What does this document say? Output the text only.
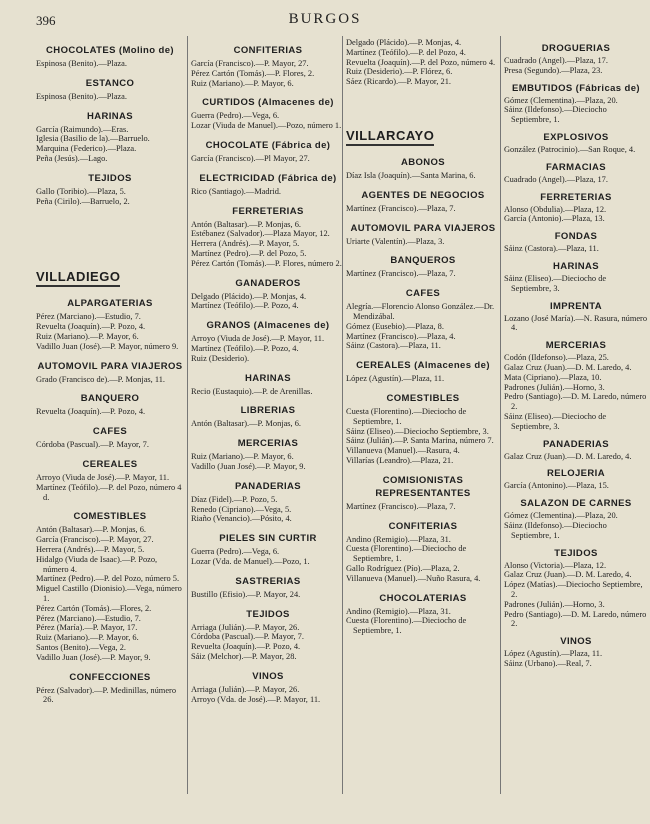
396	BURGOS
CHOCOLATES (Molino de)
Espinosa (Benito).—Plaza.
ESTANCO
Espinosa (Benito).—Plaza.
HARINAS
García (Raimundo).—Eras.
Iglesia (Basilio de la).—Barruelo.
Marquina (Federico).—Plaza.
Peña (Jesús).—Lago.
TEJIDOS
Gallo (Toribio).—Plaza, 5.
Peña (Cirilo).—Barruelo, 2.
VILLADIEGO
ALPARGATERIAS
Pérez (Marciano).—Estudio, 7.
Revuelta (Joaquín).—P. Pozo, 4.
Ruiz (Mariano).—P. Mayor, 6.
Vadillo Juan (José).—P. Mayor, número 9.
AUTOMOVIL PARA VIAJEROS
Grado (Francisco de).—P. Monjas, 11.
BANQUERO
Revuelta (Joaquín).—P. Pozo, 4.
CAFES
Córdoba (Pascual).—P. Mayor, 7.
CEREALES
Arroyo (Viuda de José).—P. Mayor, 11.
Martínez (Teófilo).—P. del Pozo, número 4 d.
COMESTIBLES
Antón (Baltasar).—P. Monjas, 6.
García (Francisco).—P. Mayor, 27.
Herrera (Andrés).—P. Mayor, 5.
Hidalgo (Viuda de Isaac).—P. Pozo, número 4.
Martínez (Pedro).—P. del Pozo, número 5.
Miguel Castillo (Dionisio).—Vega, número 1.
Pérez Cartón (Tomás).—Flores, 2.
Pérez (Marciano).—Estudio, 7.
Pérez (María).—P. Mayor, 17.
Ruiz (Mariano).—P. Mayor, 6.
Santos (Benito).—Vega, 2.
Vadillo Juan (José).—P. Mayor, 9.
CONFECCIONES
Pérez (Salvador).—P. Medinillas, número 26.
CONFITERIAS
García (Francisco).—P. Mayor, 27.
Pérez Cartón (Tomás).—P. Flores, 2.
Ruiz (Mariano).—P. Mayor, 6.
CURTIDOS (Almacenes de)
Guerra (Pedro).—Vega, 6.
Lozar (Viuda de Manuel).—Pozo, número 1.
CHOCOLATE (Fábrica de)
García (Francisco).—Pl Mayor, 27.
ELECTRICIDAD (Fábrica de)
Rico (Santiago).—Madrid.
FERRETERIAS
Antón (Baltasar).—P. Monjas, 6.
Estébanez (Salvador).—Plaza Mayor, 12.
Herrera (Andrés).—P. Mayor, 5.
Martínez (Pedro).—P. del Pozo, 5.
Pérez Cartón (Tomás).—P. Flores, número 2.
GANADEROS
Delgado (Plácido).—P. Monjas, 4.
Martínez (Teófilo).—P. Pozo, 4.
GRANOS (Almacenes de)
Arroyo (Viuda de José).—P. Mayor, 11.
Martínez (Teófilo).—P. Pozo, 4.
Ruiz (Desiderio).
HARINAS
Recio (Eustaquio).—P. de Arenillas.
LIBRERIAS
Antón (Baltasar).—P. Monjas, 6.
MERCERIAS
Ruiz (Mariano).—P. Mayor, 6.
Vadillo (Juan José).—P. Mayor, 9.
PANADERIAS
Díaz (Fidel).—P. Pozo, 5.
Renedo (Cipriano).—Vega, 5.
Riaño (Venancio).—Pósito, 4.
PIELES SIN CURTIR
Guerra (Pedro).—Vega, 6.
Lozar (Vda. de Manuel).—Pozo, 1.
SASTRERIAS
Bustillo (Efisio).—P. Mayor, 24.
TEJIDOS
Arriaga (Julián).—P. Mayor, 26.
Córdoba (Pascual).—P. Mayor, 7.
Revuelta (Joaquín).—P. Pozo, 4.
Sáiz (Melchor).—P. Mayor, 28.
VINOS
Arriaga (Julián).—P. Mayor, 26.
Arroyo (Vda. de José).—P. Mayor, 11.
Delgado (Plácido).—P. Monjas, 4.
Martínez (Teófilo).—P. del Pozo, 4.
Revuelta (Joaquín).—P. del Pozo, número 4.
Ruiz (Desiderio).—P. Flórez, 6.
Sáez (Ricardo).—P. Mayor, 21.
VILLARCAYO
ABONOS
Díaz Isla (Joaquín).—Santa Marina, 6.
AGENTES DE NEGOCIOS
Martínez (Francisco).—Plaza, 7.
AUTOMOVIL PARA VIAJEROS
Uriarte (Valentín).—Plaza, 3.
BANQUEROS
Martínez (Francisco).—Plaza, 7.
CAFES
Alegría.—Florencio Alonso González.—Dr. Mendizábal.
Gómez (Eusebio).—Plaza, 8.
Martínez (Francisco).—Plaza, 4.
Sáinz (Castora).—Plaza, 11.
CEREALES (Almacenes de)
López (Agustín).—Plaza, 11.
COMESTIBLES
Cuesta (Florentino).—Dieciocho de Septiembre, 1.
Sáinz (Eliseo).—Dieciocho Septiembre, 3.
Sáinz (Julián).—P. Santa Marina, número 7.
Villanueva (Manuel).—Rasura, 4.
Villarías (Leandro).—Plaza, 21.
COMISIONISTAS REPRESENTANTES
Martínez (Francisco).—Plaza, 7.
CONFITERIAS
Andino (Remigio).—Plaza, 31.
Cuesta (Florentino).—Dieciocho de Septiembre, 1.
Gallo Rodríguez (Pío).—Plaza, 2.
Villanueva (Manuel).—Nuño Rasura, 4.
CHOCOLATERIAS
Andino (Remigio).—Plaza, 31.
Cuesta (Florentino).—Dieciocho de Septiembre, 1.
DROGUERIAS
Cuadrado (Angel).—Plaza, 17.
Presa (Segundo).—Plaza, 23.
EMBUTIDOS (Fábricas de)
Gómez (Clementina).—Plaza, 20.
Sáinz (Ildefonso).—Dieciocho Septiembre, 1.
EXPLOSIVOS
González (Patrocinio).—San Roque, 4.
FARMACIAS
Cuadrado (Angel).—Plaza, 17.
FERRETERIAS
Alonso (Obdulia).—Plaza, 12.
García (Antonio).—Plaza, 13.
FONDAS
Sáinz (Castora).—Plaza, 11.
HARINAS
Sáinz (Eliseo).—Dieciocho de Septiembre, 3.
IMPRENTA
Lozano (José María).—N. Rasura, número 4.
MERCERIAS
Codón (Ildefonso).—Plaza, 25.
Galaz Cruz (Juan).—D. M. Laredo, 4.
Mata (Cipriano).—Plaza, 10.
Padrones (Julián).—Horno, 3.
Pedro (Santiago).—D. M. Laredo, número 2.
Sáinz (Eliseo).—Dieciocho de Septiembre, 3.
PANADERIAS
Galaz Cruz (Juan).—D. M. Laredo, 4.
RELOJERIA
García (Antonino).—Plaza, 15.
SALAZON DE CARNES
Gómez (Clementina).—Plaza, 20.
Sáinz (Ildefonso).—Dieciocho Septiembre, 1.
TEJIDOS
Alonso (Victoria).—Plaza, 12.
Galaz Cruz (Juan).—D. M. Laredo, 4.
López (Matías).—Dieciocho Septiembre, 2.
Padrones (Julián).—Horno, 3.
Pedro (Santiago).—D. M. Laredo, número 2.
VINOS
López (Agustín).—Plaza, 11.
Sáinz (Urbano).—Real, 7.
